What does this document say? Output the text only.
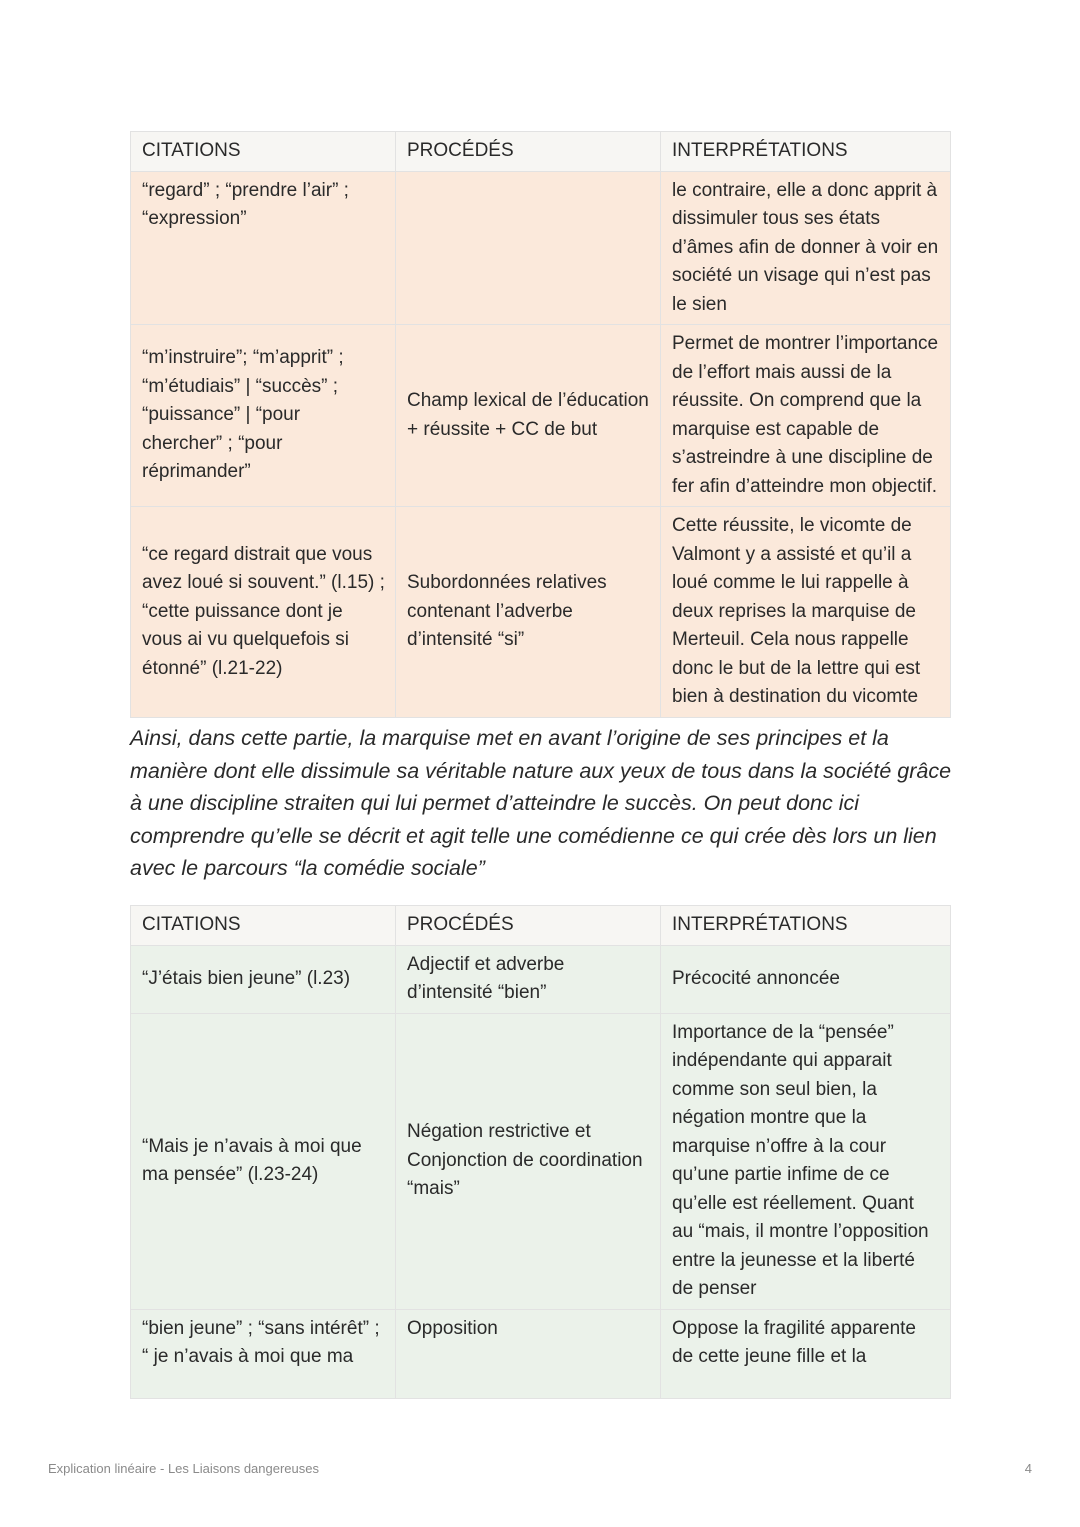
CITATIONS	PROCÉDÉS	INTERPRÉTATIONS
“regard” ; “prendre l’air” ; “expression”		le contraire, elle a donc apprit à dissimuler tous ses états d’âmes afin de donner à voir en société un visage qui n’est pas le sien
“m’instruire”; “m’apprit” ; “m’étudiais” | “succès” ; “puissance” | “pour chercher” ; “pour réprimander”	Champ lexical de l’éducation + réussite + CC de but	Permet de montrer l’importance de l’effort mais aussi de la réussite. On comprend que la marquise est capable de s’astreindre à une discipline de fer afin d’atteindre mon objectif.
“ce regard distrait que vous avez loué si souvent.” (l.15) ; “cette puissance dont je vous ai vu quelquefois si étonné” (l.21-22)	Subordonnées relatives contenant l’adverbe d’intensité “si”	Cette réussite, le vicomte de Valmont y a assisté et qu’il a loué comme le lui rappelle à deux reprises la marquise de Merteuil. Cela nous rappelle donc le but de la lettre qui est bien à destination du vicomte

Ainsi, dans cette partie, la marquise met en avant l’origine de ses principes et la manière dont elle dissimule sa véritable nature aux yeux de tous dans la société grâce à une discipline straiten qui lui permet d’atteindre le succès. On peut donc ici comprendre qu’elle se décrit et agit telle une comédienne ce qui crée dès lors un lien avec le parcours “la comédie sociale”

CITATIONS	PROCÉDÉS	INTERPRÉTATIONS
“J’étais bien jeune” (l.23)	Adjectif et adverbe d’intensité “bien”	Précocité annoncée
“Mais je n’avais à moi que ma pensée” (l.23-24)	Négation restrictive et Conjonction de coordination “mais”	Importance de la “pensée” indépendante qui apparait comme son seul bien, la négation montre que la marquise n’offre à la cour qu’une partie infime de ce qu’elle est réellement. Quant au “mais, il montre l’opposition entre la jeunesse et la liberté de penser
“bien jeune” ; “sans intérêt” ; “ je n’avais à moi que ma	Opposition	Oppose la fragilité apparente de cette jeune fille et la
Explication linéaire - Les Liaisons dangereuses	4
